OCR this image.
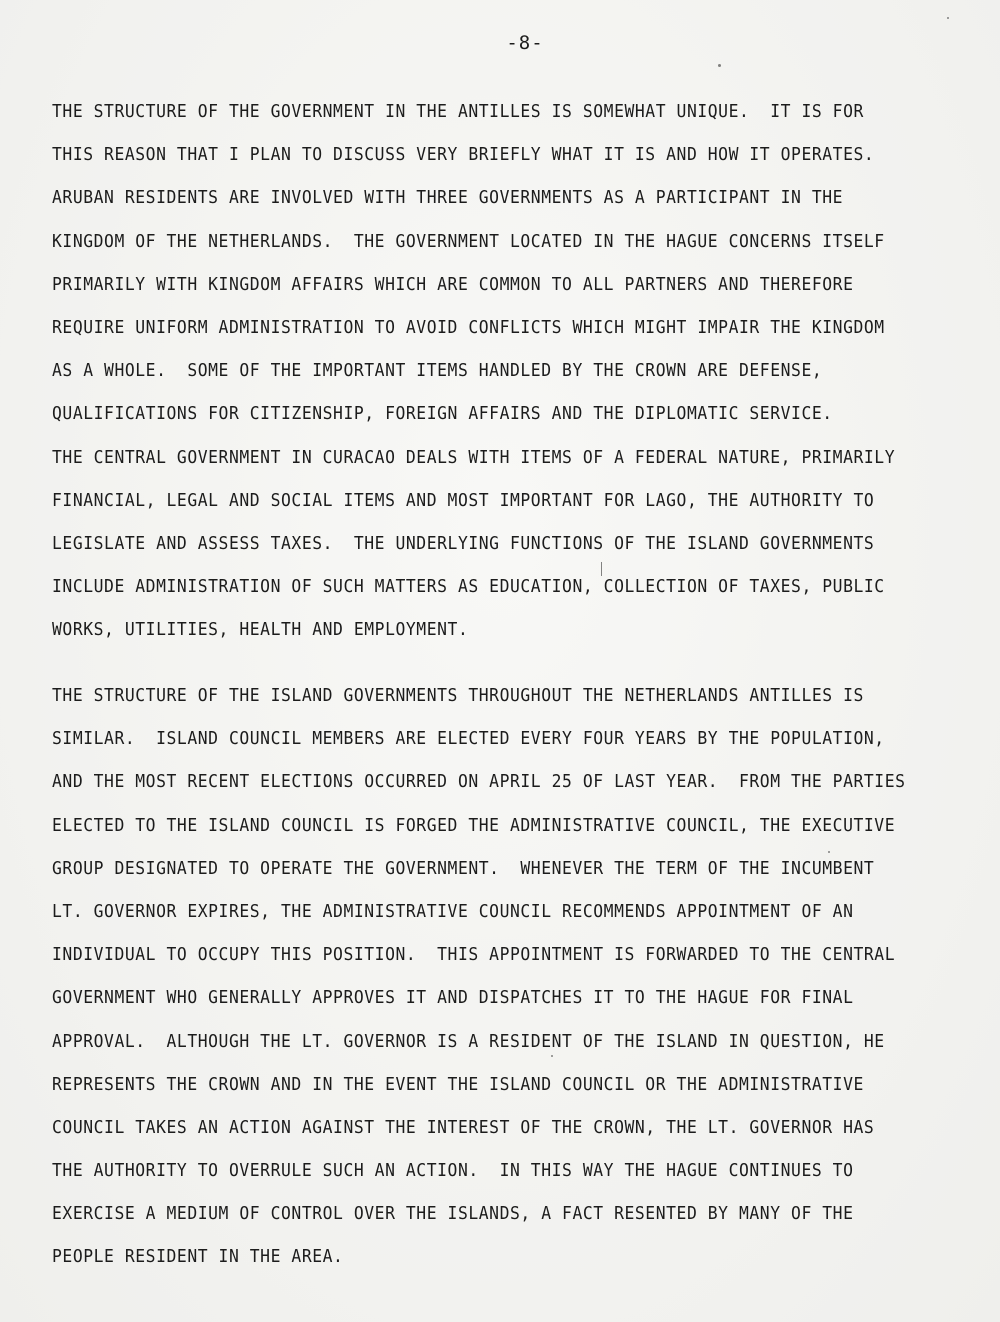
-8-
THE STRUCTURE OF THE GOVERNMENT IN THE ANTILLES IS SOMEWHAT UNIQUE.  IT IS FOR
THIS REASON THAT I PLAN TO DISCUSS VERY BRIEFLY WHAT IT IS AND HOW IT OPERATES.
ARUBAN RESIDENTS ARE INVOLVED WITH THREE GOVERNMENTS AS A PARTICIPANT IN THE
KINGDOM OF THE NETHERLANDS.  THE GOVERNMENT LOCATED IN THE HAGUE CONCERNS ITSELF
PRIMARILY WITH KINGDOM AFFAIRS WHICH ARE COMMON TO ALL PARTNERS AND THEREFORE
REQUIRE UNIFORM ADMINISTRATION TO AVOID CONFLICTS WHICH MIGHT IMPAIR THE KINGDOM
AS A WHOLE.  SOME OF THE IMPORTANT ITEMS HANDLED BY THE CROWN ARE DEFENSE,
QUALIFICATIONS FOR CITIZENSHIP, FOREIGN AFFAIRS AND THE DIPLOMATIC SERVICE.
THE CENTRAL GOVERNMENT IN CURACAO DEALS WITH ITEMS OF A FEDERAL NATURE, PRIMARILY
FINANCIAL, LEGAL AND SOCIAL ITEMS AND MOST IMPORTANT FOR LAGO, THE AUTHORITY TO
LEGISLATE AND ASSESS TAXES.  THE UNDERLYING FUNCTIONS OF THE ISLAND GOVERNMENTS
INCLUDE ADMINISTRATION OF SUCH MATTERS AS EDUCATION, COLLECTION OF TAXES, PUBLIC
WORKS, UTILITIES, HEALTH AND EMPLOYMENT.
THE STRUCTURE OF THE ISLAND GOVERNMENTS THROUGHOUT THE NETHERLANDS ANTILLES IS
SIMILAR.  ISLAND COUNCIL MEMBERS ARE ELECTED EVERY FOUR YEARS BY THE POPULATION,
AND THE MOST RECENT ELECTIONS OCCURRED ON APRIL 25 OF LAST YEAR.  FROM THE PARTIES
ELECTED TO THE ISLAND COUNCIL IS FORGED THE ADMINISTRATIVE COUNCIL, THE EXECUTIVE
GROUP DESIGNATED TO OPERATE THE GOVERNMENT.  WHENEVER THE TERM OF THE INCUMBENT
LT. GOVERNOR EXPIRES, THE ADMINISTRATIVE COUNCIL RECOMMENDS APPOINTMENT OF AN
INDIVIDUAL TO OCCUPY THIS POSITION.  THIS APPOINTMENT IS FORWARDED TO THE CENTRAL
GOVERNMENT WHO GENERALLY APPROVES IT AND DISPATCHES IT TO THE HAGUE FOR FINAL
APPROVAL.  ALTHOUGH THE LT. GOVERNOR IS A RESIDENT OF THE ISLAND IN QUESTION, HE
REPRESENTS THE CROWN AND IN THE EVENT THE ISLAND COUNCIL OR THE ADMINISTRATIVE
COUNCIL TAKES AN ACTION AGAINST THE INTEREST OF THE CROWN, THE LT. GOVERNOR HAS
THE AUTHORITY TO OVERRULE SUCH AN ACTION.  IN THIS WAY THE HAGUE CONTINUES TO
EXERCISE A MEDIUM OF CONTROL OVER THE ISLANDS, A FACT RESENTED BY MANY OF THE
PEOPLE RESIDENT IN THE AREA.
